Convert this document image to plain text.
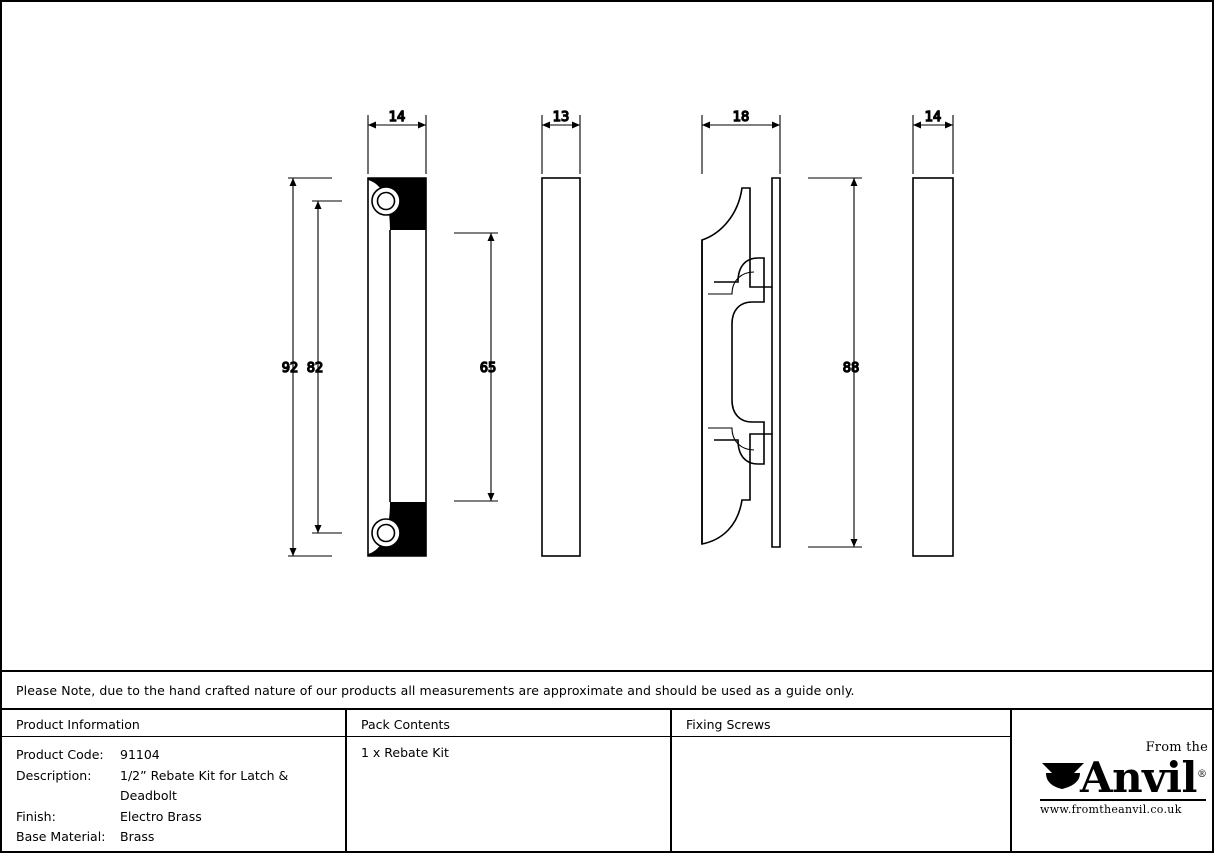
14	13	18	14
92 82	65	88
Please Note, due to the hand crafted nature of our products all measurements are approximate and should be used as a guide only.
Product Information
Product Code:	91104
Description:	1/2” Rebate Kit for Latch & Deadbolt
Finish:	Electro Brass
Base Material:	Brass
Pack Contents
1 x Rebate Kit
Fixing Screws
From the
Anvil®
www.fromtheanvil.co.uk
